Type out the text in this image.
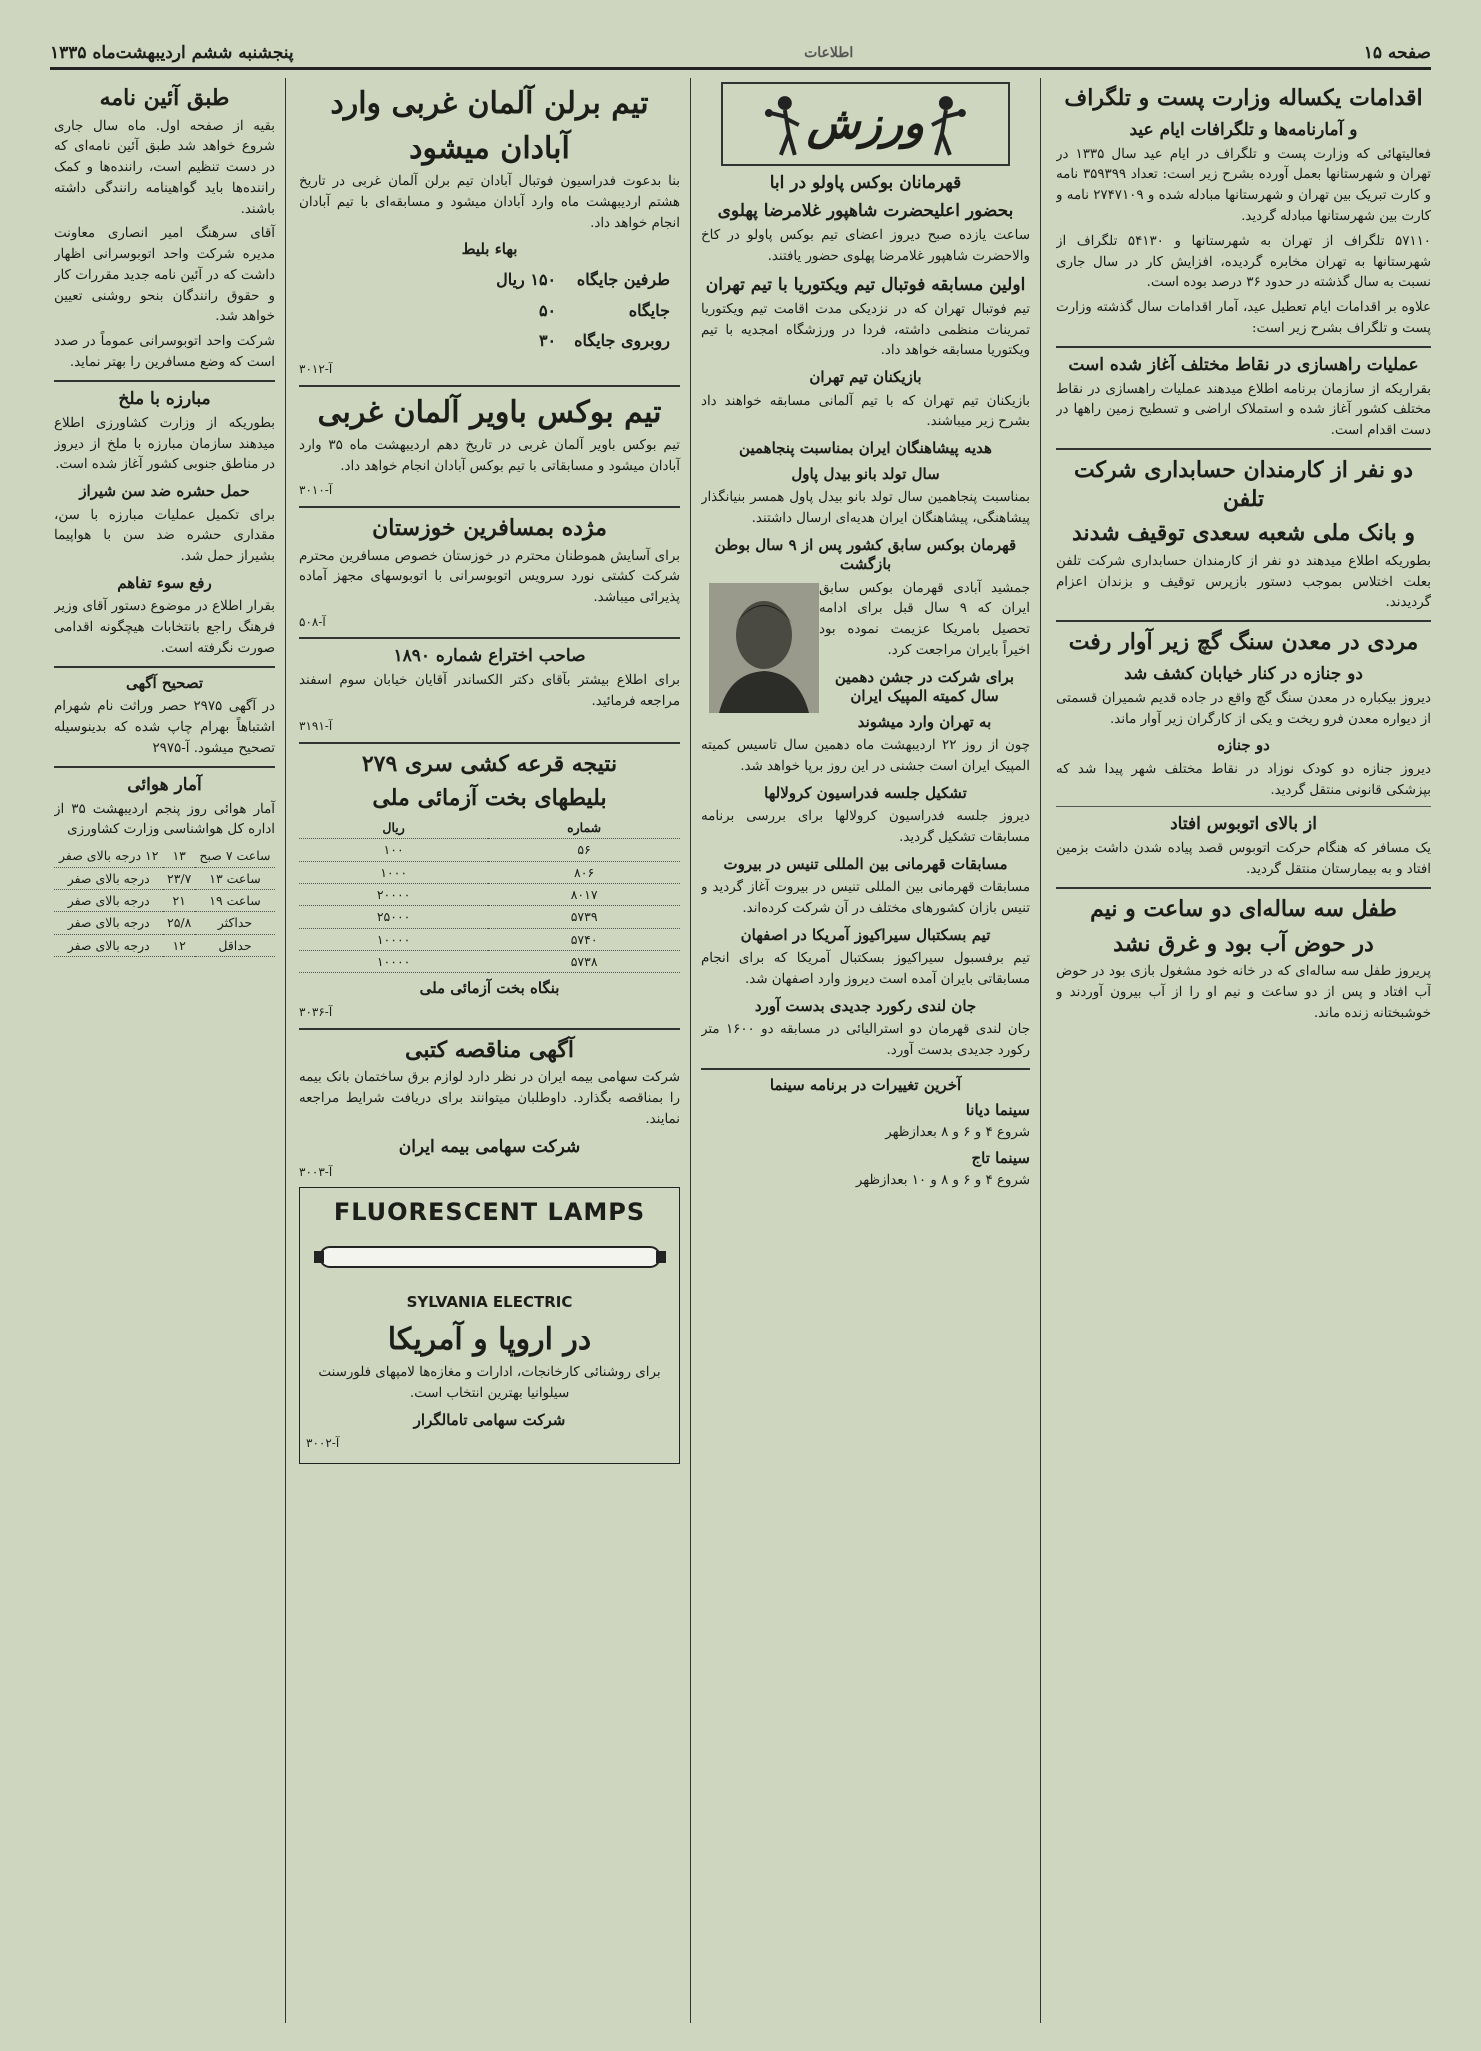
صفحه ۱۵
اطلاعات
پنجشنبه ششم اردیبهشت‌ماه ۱۳۳۵
اقدامات یکساله وزارت پست و تلگراف
و آمارنامه‌ها و تلگرافات ایام عید
فعالیتهائی که وزارت پست و تلگراف در ایام عید سال ۱۳۳۵ در تهران و شهرستانها بعمل آورده بشرح زیر است: تعداد ۳۵۹۳۹۹ نامه و کارت تبریک بین تهران و شهرستانها مبادله شده و ۲۷۴۷۱۰۹ نامه و کارت بین شهرستانها مبادله گردید.
۵۷۱۱۰ تلگراف از تهران به شهرستانها و ۵۴۱۳۰ تلگراف از شهرستانها به تهران مخابره گردیده، افزایش کار در سال جاری نسبت به سال گذشته در حدود ۳۶ درصد بوده است.
علاوه بر اقدامات ایام تعطیل عید، آمار اقدامات سال گذشته وزارت پست و تلگراف بشرح زیر است:
عملیات راهسازی در نقاط مختلف آغاز شده است
بقراریکه از سازمان برنامه اطلاع میدهند عملیات راهسازی در نقاط مختلف کشور آغاز شده و استملاک اراضی و تسطیح زمین راهها در دست اقدام است.
دو نفر از کارمندان حسابداری شرکت تلفن
و بانک ملی شعبه سعدی توقیف شدند
بطوریکه اطلاع میدهند دو نفر از کارمندان حسابداری شرکت تلفن بعلت اختلاس بموجب دستور بازپرس توقیف و بزندان اعزام گردیدند.
مردی در معدن سنگ گچ زیر آوار رفت
دو جنازه در کنار خیابان کشف شد
دیروز بیکباره در معدن سنگ گچ واقع در جاده قدیم شمیران قسمتی از دیواره معدن فرو ریخت و یکی از کارگران زیر آوار ماند.
دو جنازه
دیروز جنازه دو کودک نوزاد در نقاط مختلف شهر پیدا شد که بپزشکی قانونی منتقل گردید.
از بالای اتوبوس افتاد
یک مسافر که هنگام حرکت اتوبوس قصد پیاده شدن داشت بزمین افتاد و به بیمارستان منتقل گردید.
طفل سه ساله‌ای دو ساعت و نیم
در حوض آب بود و غرق نشد
پریروز طفل سه ساله‌ای که در خانه خود مشغول بازی بود در حوض آب افتاد و پس از دو ساعت و نیم او را از آب بیرون آوردند و خوشبختانه زنده ماند.
ورزش
قهرمانان بوکس پاولو در ابا
بحضور اعلیحضرت شاهپور غلامرضا پهلوی
ساعت یازده صبح دیروز اعضای تیم بوکس پاولو در کاخ والاحضرت شاهپور غلامرضا پهلوی حضور یافتند.
اولین مسابقه فوتبال تیم ویکتوریا با تیم تهران
تیم فوتبال تهران که در نزدیکی مدت اقامت تیم ویکتوریا تمرینات منظمی داشته، فردا در ورزشگاه امجدیه با تیم ویکتوریا مسابقه خواهد داد.
بازیکنان تیم تهران
بازیکنان تیم تهران که با تیم آلمانی مسابقه خواهند داد بشرح زیر میباشند.
هدیه پیشاهنگان ایران بمناسبت پنجاهمین
سال تولد بانو بیدل پاول
بمناسبت پنجاهمین سال تولد بانو بیدل پاول همسر بنیانگذار پیشاهنگی، پیشاهنگان ایران هدیه‌ای ارسال داشتند.
قهرمان بوکس سابق کشور پس از ۹ سال بوطن بازگشت
جمشید آبادی قهرمان بوکس سابق ایران که ۹ سال قبل برای ادامه تحصیل بامریکا عزیمت نموده بود اخیراً بایران مراجعت کرد.
برای شرکت در جشن دهمین سال کمیته المپیک ایران
به تهران وارد میشوند
چون از روز ۲۲ اردیبهشت ماه دهمین سال تاسیس کمیته المپیک ایران است جشنی در این روز برپا خواهد شد.
تشکیل جلسه فدراسیون کرولالها
دیروز جلسه فدراسیون کرولالها برای بررسی برنامه مسابقات تشکیل گردید.
مسابقات قهرمانی بین المللی تنیس در بیروت
مسابقات قهرمانی بین المللی تنیس در بیروت آغاز گردید و تنیس بازان کشورهای مختلف در آن شرکت کرده‌اند.
تیم بسکتبال سیراکیوز آمریکا در اصفهان
تیم برفسبول سیراکیوز بسکتبال آمریکا که برای انجام مسابقاتی بایران آمده است دیروز وارد اصفهان شد.
جان لندی رکورد جدیدی بدست آورد
جان لندی قهرمان دو استرالیائی در مسابقه دو ۱۶۰۰ متر رکورد جدیدی بدست آورد.
آخرین تغییرات در برنامه سینما
سینما دیانا
شروع ۴ و ۶ و ۸ بعدازظهر
سینما تاج
شروع ۴ و ۶ و ۸ و ۱۰ بعدازظهر
تیم برلن آلمان غربی وارد
آبادان میشود
بنا بدعوت فدراسیون فوتبال آبادان تیم برلن آلمان غربی در تاریخ هشتم اردیبهشت ماه وارد آبادان میشود و مسابقه‌ای با تیم آبادان انجام خواهد داد.
بهاء بلیط
طرفین جایگاه	۱۵۰ ریال
جایگاه	۵۰
روبروی جایگاه	۳۰
آ-۳۰۱۲
تیم بوکس باویر آلمان غربی
تیم بوکس باویر آلمان غربی در تاریخ دهم اردیبهشت ماه ۳۵ وارد آبادان میشود و مسابقاتی با تیم بوکس آبادان انجام خواهد داد.
آ-۳۰۱۰
مژده بمسافرین خوزستان
برای آسایش هموطنان محترم در خوزستان خصوص مسافرین محترم شرکت کشتی نورد سرویس اتوبوسرانی با اتوبوسهای مجهز آماده پذیرائی میباشد.
آ-۵۰۸
صاحب اختراع شماره ۱۸۹۰
برای اطلاع بیشتر بآقای دکتر الکساندر آقایان خیابان سوم اسفند مراجعه فرمائید.
آ-۳۱۹۱
نتیجه قرعه کشی سری ۲۷۹
بلیطهای بخت آزمائی ملی
شماره	ریال
۵۶	۱۰۰
۸۰۶	۱۰۰۰
۸۰۱۷	۲۰۰۰۰
۵۷۳۹	۲۵۰۰۰
۵۷۴۰	۱۰۰۰۰
۵۷۳۸	۱۰۰۰۰
بنگاه بخت آزمائی ملی
آ-۳۰۳۶
آگهی مناقصه کتبی
شرکت سهامی بیمه ایران در نظر دارد لوازم برق ساختمان بانک بیمه را بمناقصه بگذارد. داوطلبان میتوانند برای دریافت شرایط مراجعه نمایند.
شرکت سهامی بیمه ایران
آ-۳۰۰۳
FLUORESCENT LAMPS
SYLVANIA ELECTRIC
در اروپا و آمریکا
برای روشنائی کارخانجات، ادارات و مغازه‌ها لامپهای فلورسنت سیلوانیا بهترین انتخاب است.
شرکت سهامی تامالگرار
آ-۳۰۰۲
طبق آئین نامه
بقیه از صفحه اول. ماه سال جاری شروع خواهد شد طبق آئین نامه‌ای که در دست تنظیم است، راننده‌ها و کمک راننده‌ها باید گواهینامه رانندگی داشته باشند.
آقای سرهنگ امیر انصاری معاونت مدیره شرکت واحد اتوبوسرانی اظهار داشت که در آئین نامه جدید مقررات کار و حقوق رانندگان بنحو روشنی تعیین خواهد شد.
شرکت واحد اتوبوسرانی عموماً در صدد است که وضع مسافرین را بهتر نماید.
مبارزه با ملخ
بطوریکه از وزارت کشاورزی اطلاع میدهند سازمان مبارزه با ملخ از دیروز در مناطق جنوبی کشور آغاز شده است.
حمل حشره ضد سن شیراز
برای تکمیل عملیات مبارزه با سن، مقداری حشره ضد سن با هواپیما بشیراز حمل شد.
رفع سوء تفاهم
بقرار اطلاع در موضوع دستور آقای وزیر فرهنگ راجع بانتخابات هیچگونه اقدامی صورت نگرفته است.
تصحیح آگهی
در آگهی ۲۹۷۵ حصر وراثت نام شهرام اشتباهاً بهرام چاپ شده که بدینوسیله تصحیح میشود. آ-۲۹۷۵
آمار هوائی
آمار هوائی روز پنجم اردیبهشت ۳۵ از اداره کل هواشناسی وزارت کشاورزی
ساعت ۷ صبح	۱۳	۱۲ درجه بالای صفر
ساعت ۱۳	۲۳/۷	درجه بالای صفر
ساعت ۱۹	۲۱	درجه بالای صفر
حداکثر	۲۵/۸	درجه بالای صفر
حداقل	۱۲	درجه بالای صفر
